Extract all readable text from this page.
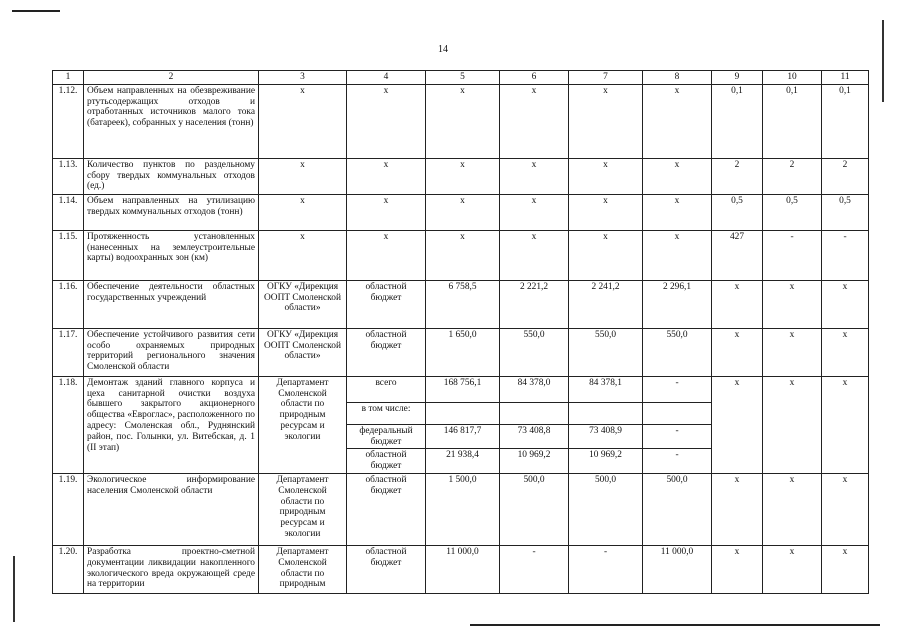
14
1	2	3	4	5	6	7	8	9	10	11
1.12.	Объем направленных на обезвреживание ртутьсодержащих отходов и отработанных источников малого тока (батареек), собранных у населения (тонн)	х	х	х	х	х	х	0,1	0,1	0,1
1.13.	Количество пунктов по раздельному сбору твердых коммунальных отходов (ед.)	х	х	х	х	х	х	2	2	2
1.14.	Объем направленных на утилизацию твердых коммунальных отходов (тонн)	х	х	х	х	х	х	0,5	0,5	0,5
1.15.	Протяженность установленных (нанесенных на землеустроительные карты) водоохранных зон (км)	х	х	х	х	х	х	427	-	-
1.16.	Обеспечение деятельности областных государственных учреждений	ОГКУ «Дирекция ООПТ Смоленской области»	областной бюджет	6 758,5	2 221,2	2 241,2	2 296,1	х	х	х
1.17.	Обеспечение устойчивого развития сети особо охраняемых природных территорий регионального значения Смоленской области	ОГКУ «Дирекция ООПТ Смоленской области»	областной бюджет	1 650,0	550,0	550,0	550,0	х	х	х
1.18.	Демонтаж зданий главного корпуса и цеха санитарной очистки воздуха бывшего закрытого акционерного общества «Евроглас», расположенного по адресу: Смоленская обл., Руднянский район, пос. Голынки, ул. Витебская, д. 1 (II этап)	Департамент Смоленской области по природным ресурсам и экологии	всего	168 756,1	84 378,0	84 378,1	-	х	х	х
			в том числе:							
			федеральный бюджет	146 817,7	73 408,8	73 408,9	-			
			областной бюджет	21 938,4	10 969,2	10 969,2	-			
1.19.	Экологическое информирование населения Смоленской области	Департамент Смоленской области по природным ресурсам и экологии	областной бюджет	1 500,0	500,0	500,0	500,0	х	х	х
1.20.	Разработка проектно-сметной документации ликвидации накопленного экологического вреда окружающей среде на территории	Департамент Смоленской области по природным	областной бюджет	11 000,0	-	-	11 000,0	х	х	х
